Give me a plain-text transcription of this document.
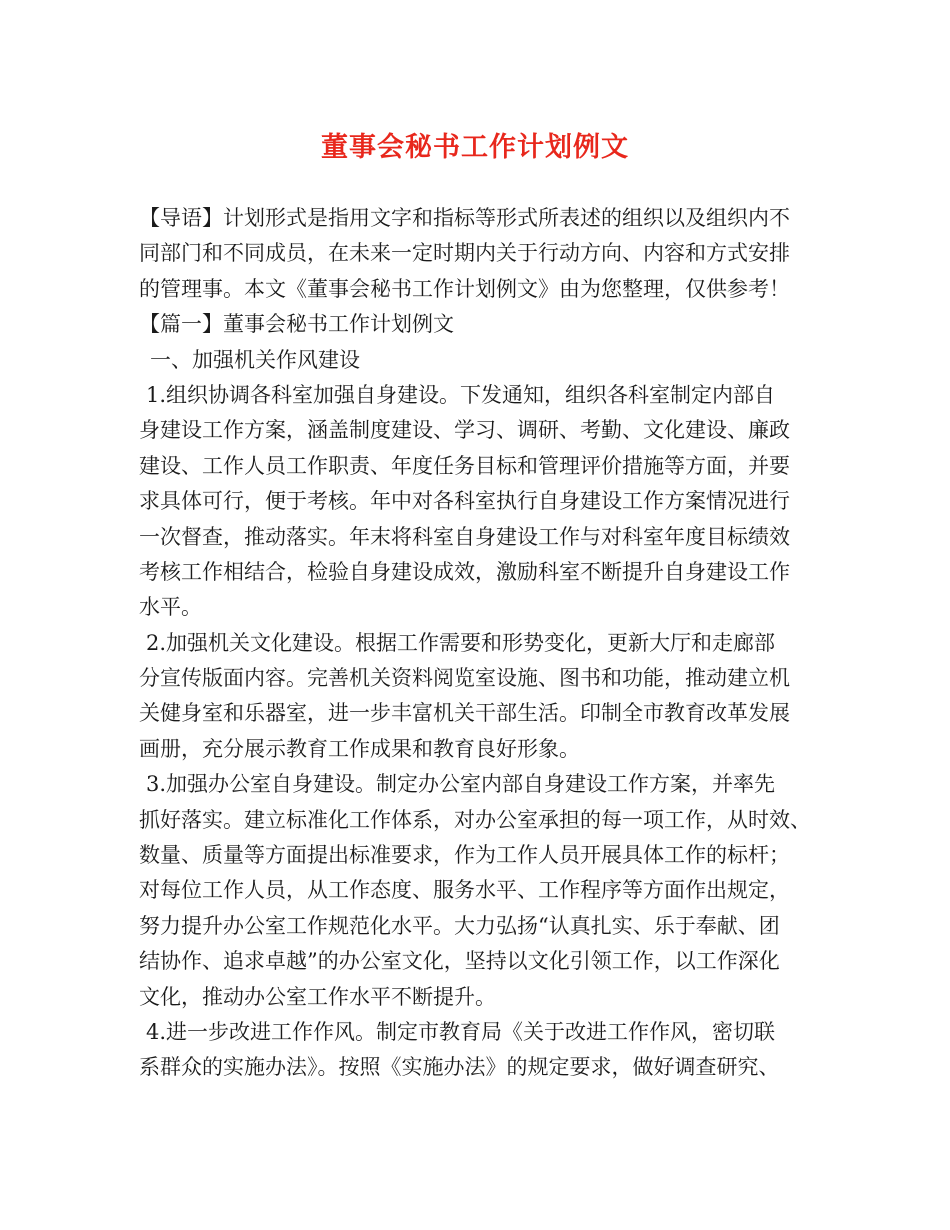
董事会秘书工作计划例文
【导语】计划形式是指用文字和指标等形式所表述的组织以及组织内不
同部门和不同成员，在未来一定时期内关于行动方向、内容和方式安排
的管理事。本文《董事会秘书工作计划例文》由为您整理，仅供参考！
【篇一】董事会秘书工作计划例文
一、加强机关作风建设
1.组织协调各科室加强自身建设。下发通知，组织各科室制定内部自
身建设工作方案，涵盖制度建设、学习、调研、考勤、文化建设、廉政
建设、工作人员工作职责、年度任务目标和管理评价措施等方面，并要
求具体可行，便于考核。年中对各科室执行自身建设工作方案情况进行
一次督查，推动落实。年末将科室自身建设工作与对科室年度目标绩效
考核工作相结合，检验自身建设成效，激励科室不断提升自身建设工作
水平。
2.加强机关文化建设。根据工作需要和形势变化，更新大厅和走廊部
分宣传版面内容。完善机关资料阅览室设施、图书和功能，推动建立机
关健身室和乐器室，进一步丰富机关干部生活。印制全市教育改革发展
画册，充分展示教育工作成果和教育良好形象。
3.加强办公室自身建设。制定办公室内部自身建设工作方案，并率先
抓好落实。建立标准化工作体系，对办公室承担的每一项工作，从时效、
数量、质量等方面提出标准要求，作为工作人员开展具体工作的标杆；
对每位工作人员，从工作态度、服务水平、工作程序等方面作出规定，
努力提升办公室工作规范化水平。大力弘扬“认真扎实、乐于奉献、团
结协作、追求卓越”的办公室文化，坚持以文化引领工作，以工作深化
文化，推动办公室工作水平不断提升。
4.进一步改进工作作风。制定市教育局《关于改进工作作风，密切联
系群众的实施办法》。按照《实施办法》的规定要求，做好调查研究、
